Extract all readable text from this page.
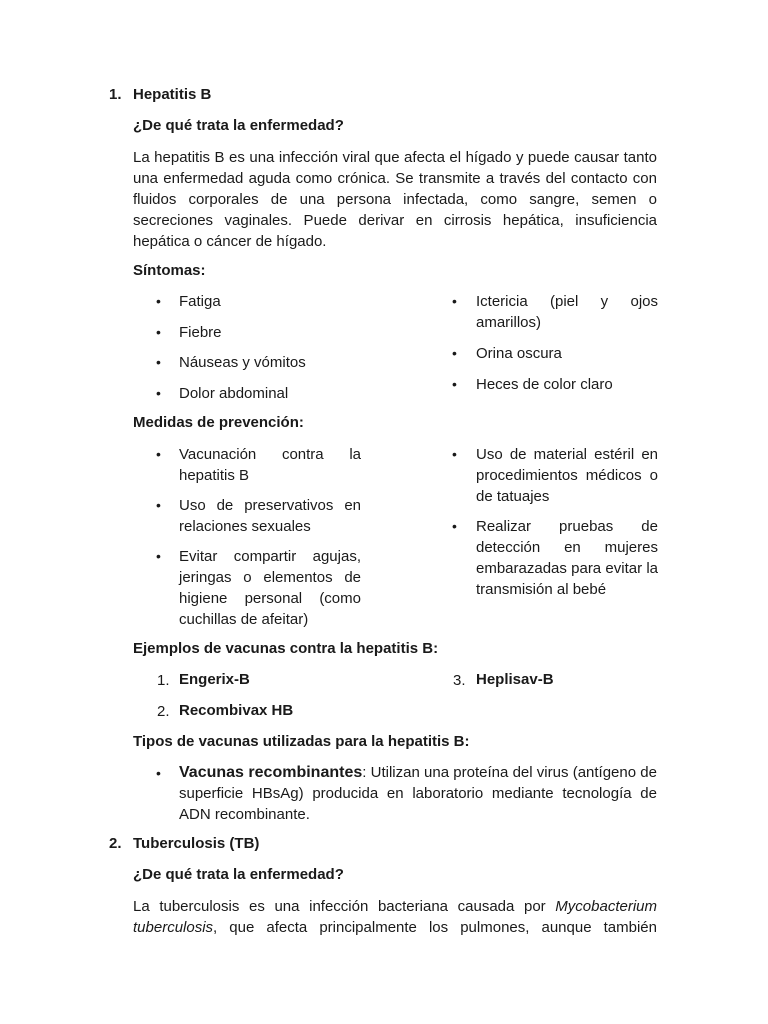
1. Hepatitis B
¿De qué trata la enfermedad?
La hepatitis B es una infección viral que afecta el hígado y puede causar tanto
una enfermedad aguda como crónica. Se transmite a través del contacto con
fluidos corporales de una persona infectada, como sangre, semen o
secreciones vaginales. Puede derivar en cirrosis hepática, insuficiencia
hepática o cáncer de hígado.
Síntomas:
• Fatiga
• Fiebre
• Náuseas y vómitos
• Dolor abdominal
• Ictericia (piel y ojos amarillos)
• Orina oscura
• Heces de color claro
Medidas de prevención:
• Vacunación contra la hepatitis B
• Uso de preservativos en relaciones sexuales
• Evitar compartir agujas, jeringas o elementos de higiene personal (como cuchillas de afeitar)
• Uso de material estéril en procedimientos médicos o de tatuajes
• Realizar pruebas de detección en mujeres embarazadas para evitar la transmisión al bebé
Ejemplos de vacunas contra la hepatitis B:
1. Engerix-B
2. Recombivax HB
3. Heplisav-B
Tipos de vacunas utilizadas para la hepatitis B:
• Vacunas recombinantes: Utilizan una proteína del virus (antígeno de superficie HBsAg) producida en laboratorio mediante tecnología de ADN recombinante.
2. Tuberculosis (TB)
¿De qué trata la enfermedad?
La tuberculosis es una infección bacteriana causada por Mycobacterium
tuberculosis, que afecta principalmente los pulmones, aunque también
